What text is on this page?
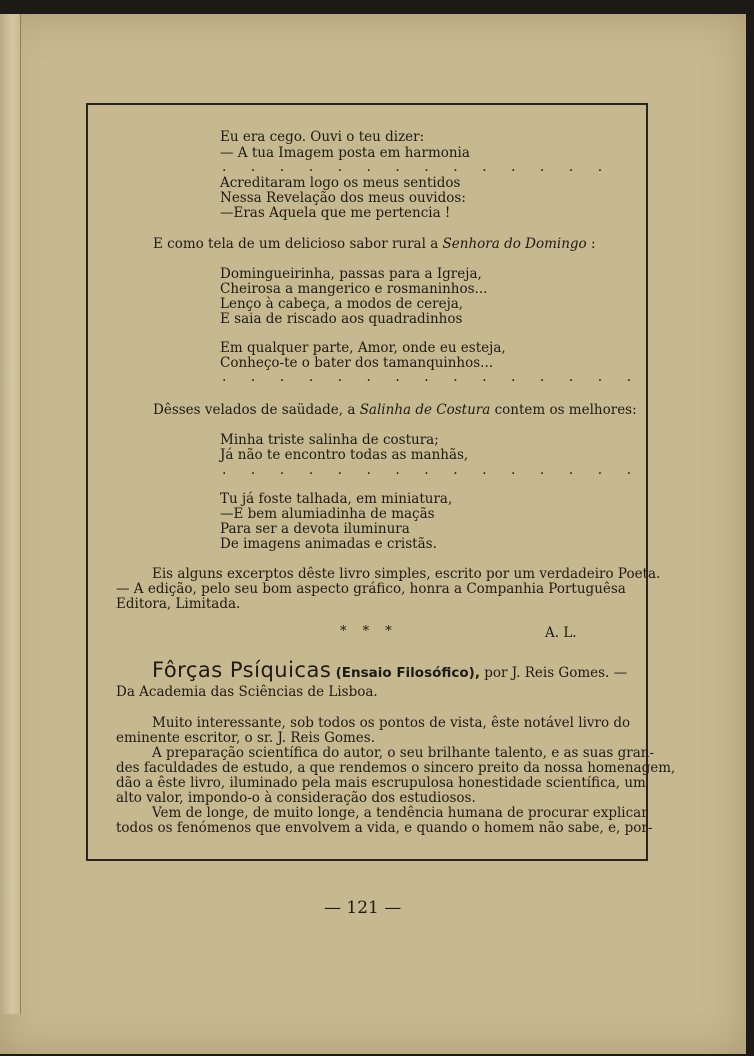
Eu era cego. Ouvi o teu dizer:
— A tua Imagem posta em harmonia
. . . . . . . . . . . . . .
Acreditaram logo os meus sentidos
Nessa Revelação dos meus ouvidos:
—Eras Aquela que me pertencia !
E como tela de um delicioso sabor rural a Senhora do Domingo :
Domingueirinha, passas para a Igreja,
Cheirosa a mangerico e rosmaninhos...
Lenço à cabeça, a modos de cereja,
E saia de riscado aos quadradinhos
Em qualquer parte, Amor, onde eu esteja,
Conheço-te o bater dos tamanquinhos...
. . . . . . . . . . . . . . .
Dêsses velados de saüdade, a Salinha de Costura contem os melhores:
Minha triste salinha de costura;
Já não te encontro todas as manhãs,
. . . . . . . . . . . . . . .
Tu já foste talhada, em miniatura,
—E bem alumiadinha de maçãs
Para ser a devota iluminura
De imagens animadas e cristãs.
Eis alguns excerptos dêste livro simples, escrito por um verdadeiro Poeta.
— A edição, pelo seu bom aspecto gráfico, honra a Companhia Portuguêsa
Editora, Limitada.
* * *	A. L.
Fôrças Psíquicas (Ensaio Filosófico), por J. Reis Gomes. —
Da Academia das Sciências de Lisboa.
Muito interessante, sob todos os pontos de vista, êste notável livro do
eminente escritor, o sr. J. Reis Gomes.
A preparação scientífica do autor, o seu brilhante talento, e as suas gran-
des faculdades de estudo, a que rendemos o sincero preito da nossa homenagem,
dão a êste livro, iluminado pela mais escrupulosa honestidade scientífica, um
alto valor, impondo-o à consideração dos estudiosos.
Vem de longe, de muito longe, a tendência humana de procurar explicar
todos os fenómenos que envolvem a vida, e quando o homem não sabe, e, por-
— 121 —
